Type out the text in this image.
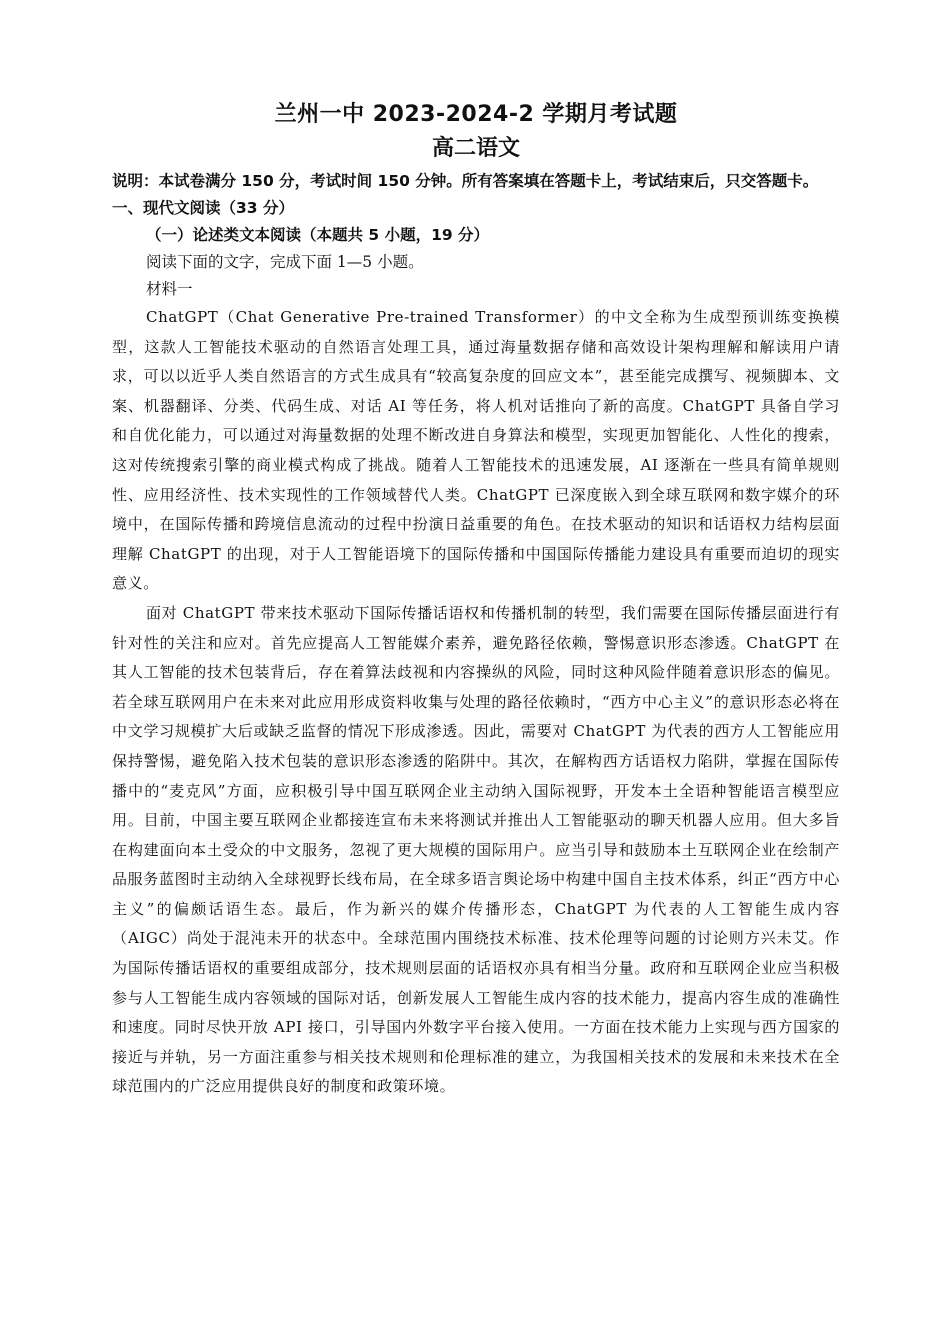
兰州一中 2023-2024-2 学期月考试题
高二语文

说明：本试卷满分 150 分，考试时间 150 分钟。所有答案填在答题卡上，考试结束后，只交答题卡。

一、现代文阅读（33 分）

（一）论述类文本阅读（本题共 5 小题，19 分）

阅读下面的文字，完成下面 1—5 小题。

材料一

ChatGPT（Chat Generative Pre-trained Transformer）的中文全称为生成型预训练变换模型，这款人工智能技术驱动的自然语言处理工具，通过海量数据存储和高效设计架构理解和解读用户请求，可以以近乎人类自然语言的方式生成具有“较高复杂度的回应文本”，甚至能完成撰写、视频脚本、文案、机器翻译、分类、代码生成、对话 AI 等任务，将人机对话推向了新的高度。ChatGPT 具备自学习和自优化能力，可以通过对海量数据的处理不断改进自身算法和模型，实现更加智能化、人性化的搜索，这对传统搜索引擎的商业模式构成了挑战。随着人工智能技术的迅速发展，AI 逐渐在一些具有简单规则性、应用经济性、技术实现性的工作领域替代人类。ChatGPT 已深度嵌入到全球互联网和数字媒介的环境中，在国际传播和跨境信息流动的过程中扮演日益重要的角色。在技术驱动的知识和话语权力结构层面理解 ChatGPT 的出现，对于人工智能语境下的国际传播和中国国际传播能力建设具有重要而迫切的现实意义。

面对 ChatGPT 带来技术驱动下国际传播话语权和传播机制的转型，我们需要在国际传播层面进行有针对性的关注和应对。首先应提高人工智能媒介素养，避免路径依赖，警惕意识形态渗透。ChatGPT 在其人工智能的技术包装背后，存在着算法歧视和内容操纵的风险，同时这种风险伴随着意识形态的偏见。若全球互联网用户在未来对此应用形成资料收集与处理的路径依赖时，“西方中心主义”的意识形态必将在中文学习规模扩大后或缺乏监督的情况下形成渗透。因此，需要对 ChatGPT 为代表的西方人工智能应用保持警惕，避免陷入技术包装的意识形态渗透的陷阱中。其次，在解构西方话语权力陷阱，掌握在国际传播中的“麦克风”方面，应积极引导中国互联网企业主动纳入国际视野，开发本土全语种智能语言模型应用。目前，中国主要互联网企业都接连宣布未来将测试并推出人工智能驱动的聊天机器人应用。但大多旨在构建面向本土受众的中文服务，忽视了更大规模的国际用户。应当引导和鼓励本土互联网企业在绘制产品服务蓝图时主动纳入全球视野长线布局，在全球多语言舆论场中构建中国自主技术体系，纠正“西方中心主义”的偏颇话语生态。最后，作为新兴的媒介传播形态，ChatGPT 为代表的人工智能生成内容（AIGC）尚处于混沌未开的状态中。全球范围内围绕技术标准、技术伦理等问题的讨论则方兴未艾。作为国际传播话语权的重要组成部分，技术规则层面的话语权亦具有相当分量。政府和互联网企业应当积极参与人工智能生成内容领域的国际对话，创新发展人工智能生成内容的技术能力，提高内容生成的准确性和速度。同时尽快开放 API 接口，引导国内外数字平台接入使用。一方面在技术能力上实现与西方国家的接近与并轨，另一方面注重参与相关技术规则和伦理标准的建立，为我国相关技术的发展和未来技术在全球范围内的广泛应用提供良好的制度和政策环境。
